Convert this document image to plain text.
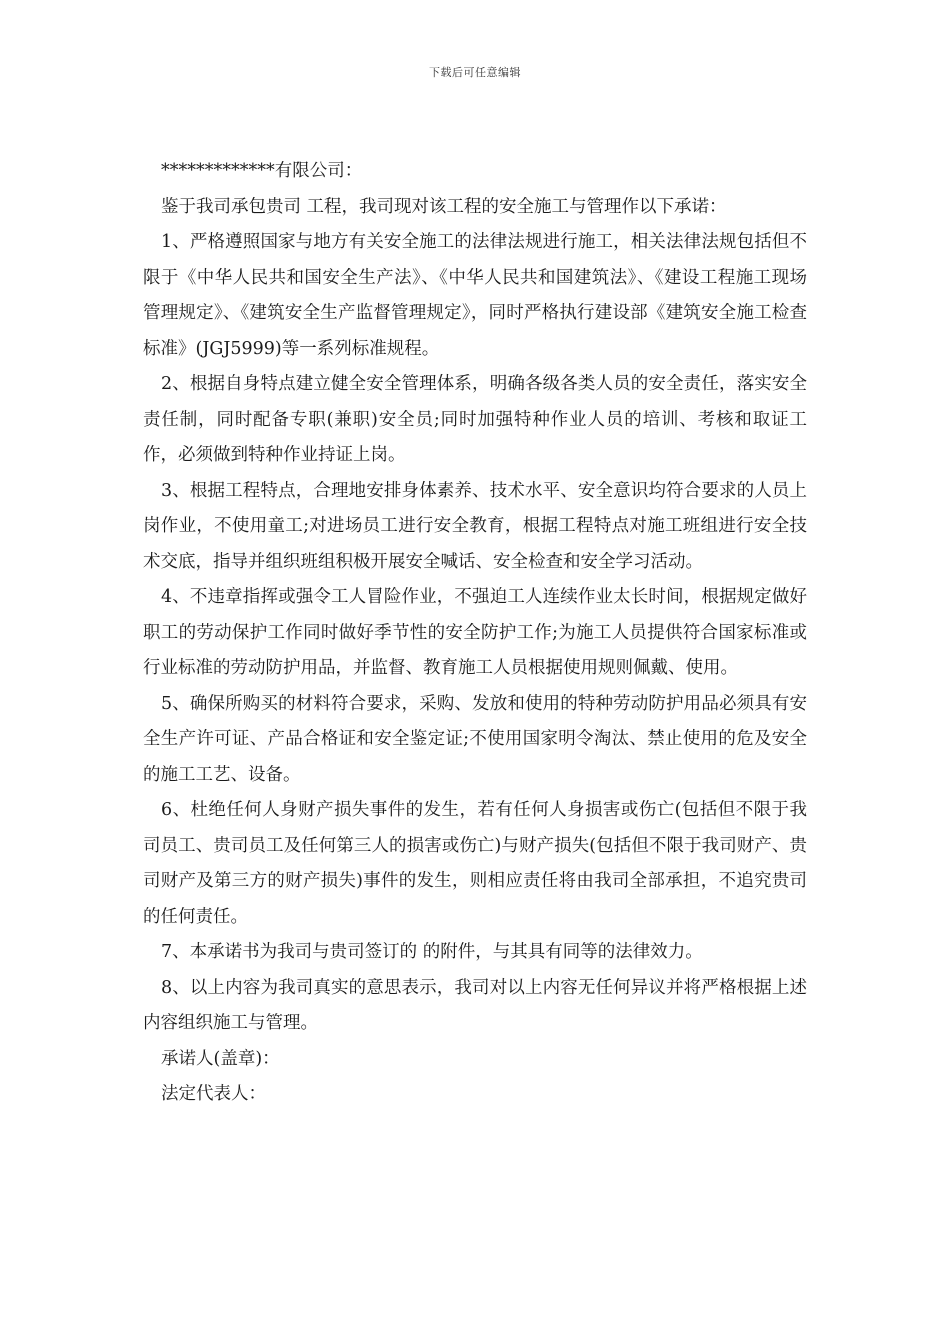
下载后可任意编辑

*************有限公司：

鉴于我司承包贵司 工程，我司现对该工程的安全施工与管理作以下承诺：

1、严格遵照国家与地方有关安全施工的法律法规进行施工，相关法律法规包括但不限于《中华人民共和国安全生产法》、《中华人民共和国建筑法》、《建设工程施工现场管理规定》、《建筑安全生产监督管理规定》，同时严格执行建设部《建筑安全施工检查标准》(JGJ5999)等一系列标准规程。

2、根据自身特点建立健全安全管理体系，明确各级各类人员的安全责任，落实安全责任制，同时配备专职(兼职)安全员;同时加强特种作业人员的培训、考核和取证工作，必须做到特种作业持证上岗。

3、根据工程特点，合理地安排身体素养、技术水平、安全意识均符合要求的人员上岗作业，不使用童工;对进场员工进行安全教育，根据工程特点对施工班组进行安全技术交底，指导并组织班组积极开展安全喊话、安全检查和安全学习活动。

4、不违章指挥或强令工人冒险作业，不强迫工人连续作业太长时间，根据规定做好职工的劳动保护工作同时做好季节性的安全防护工作;为施工人员提供符合国家标准或行业标准的劳动防护用品，并监督、教育施工人员根据使用规则佩戴、使用。

5、确保所购买的材料符合要求，采购、发放和使用的特种劳动防护用品必须具有安全生产许可证、产品合格证和安全鉴定证;不使用国家明令淘汰、禁止使用的危及安全的施工工艺、设备。

6、杜绝任何人身财产损失事件的发生，若有任何人身损害或伤亡(包括但不限于我司员工、贵司员工及任何第三人的损害或伤亡)与财产损失(包括但不限于我司财产、贵司财产及第三方的财产损失)事件的发生，则相应责任将由我司全部承担，不追究贵司的任何责任。

7、本承诺书为我司与贵司签订的 的附件，与其具有同等的法律效力。

8、以上内容为我司真实的意思表示，我司对以上内容无任何异议并将严格根据上述内容组织施工与管理。

承诺人(盖章)：

法定代表人：
